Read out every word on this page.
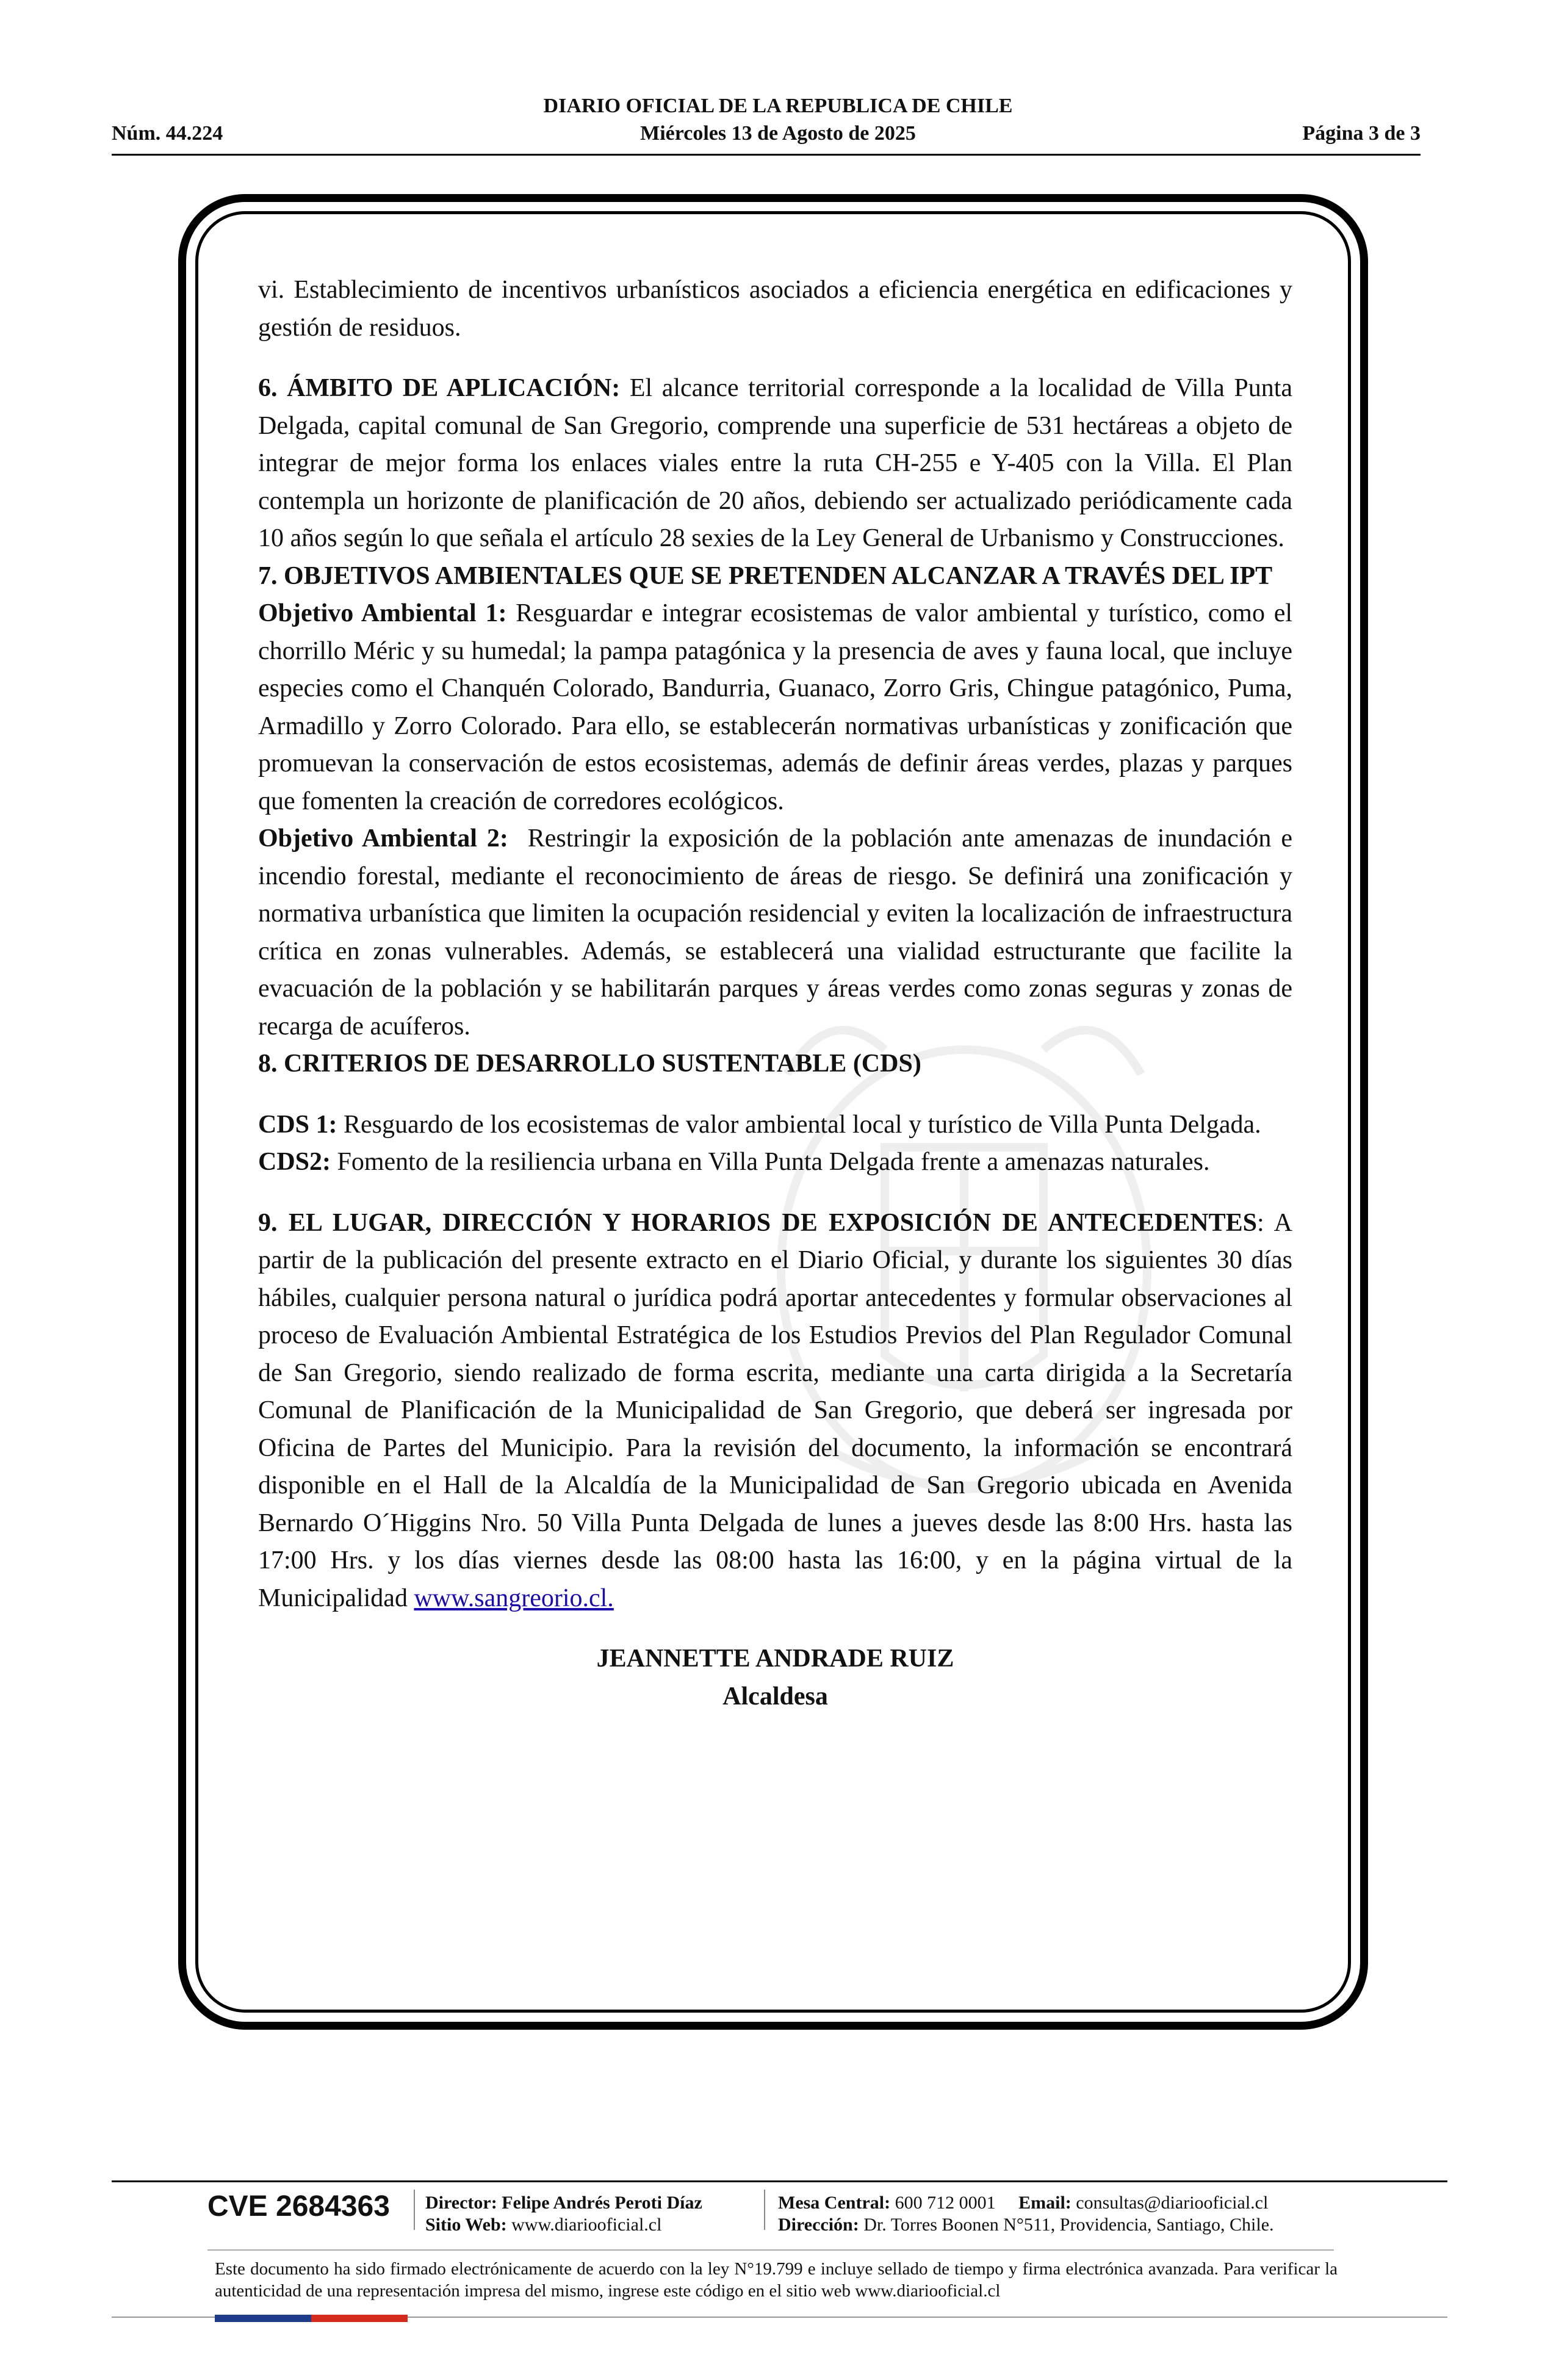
DIARIO OFICIAL DE LA REPUBLICA DE CHILE
Núm. 44.224	Miércoles 13 de Agosto de 2025	Página 3 de 3

vi. Establecimiento de incentivos urbanísticos asociados a eficiencia energética en edificaciones y gestión de residuos.

6. ÁMBITO DE APLICACIÓN: El alcance territorial corresponde a la localidad de Villa Punta Delgada, capital comunal de San Gregorio, comprende una superficie de 531 hectáreas a objeto de integrar de mejor forma los enlaces viales entre la ruta CH-255 e Y-405 con la Villa. El Plan contempla un horizonte de planificación de 20 años, debiendo ser actualizado periódicamente cada 10 años según lo que señala el artículo 28 sexies de la Ley General de Urbanismo y Construcciones.

7. OBJETIVOS AMBIENTALES QUE SE PRETENDEN ALCANZAR A TRAVÉS DEL IPT

Objetivo Ambiental 1: Resguardar e integrar ecosistemas de valor ambiental y turístico, como el chorrillo Méric y su humedal; la pampa patagónica y la presencia de aves y fauna local, que incluye especies como el Chanquén Colorado, Bandurria, Guanaco, Zorro Gris, Chingue patagónico, Puma, Armadillo y Zorro Colorado. Para ello, se establecerán normativas urbanísticas y zonificación que promuevan la conservación de estos ecosistemas, además de definir áreas verdes, plazas y parques que fomenten la creación de corredores ecológicos.

Objetivo Ambiental 2: Restringir la exposición de la población ante amenazas de inundación e incendio forestal, mediante el reconocimiento de áreas de riesgo. Se definirá una zonificación y normativa urbanística que limiten la ocupación residencial y eviten la localización de infraestructura crítica en zonas vulnerables. Además, se establecerá una vialidad estructurante que facilite la evacuación de la población y se habilitarán parques y áreas verdes como zonas seguras y zonas de recarga de acuíferos.

8. CRITERIOS DE DESARROLLO SUSTENTABLE (CDS)

CDS 1: Resguardo de los ecosistemas de valor ambiental local y turístico de Villa Punta Delgada.

CDS2: Fomento de la resiliencia urbana en Villa Punta Delgada frente a amenazas naturales.

9. EL LUGAR, DIRECCIÓN Y HORARIOS DE EXPOSICIÓN DE ANTECEDENTES: A partir de la publicación del presente extracto en el Diario Oficial, y durante los siguientes 30 días hábiles, cualquier persona natural o jurídica podrá aportar antecedentes y formular observaciones al proceso de Evaluación Ambiental Estratégica de los Estudios Previos del Plan Regulador Comunal de San Gregorio, siendo realizado de forma escrita, mediante una carta dirigida a la Secretaría Comunal de Planificación de la Municipalidad de San Gregorio, que deberá ser ingresada por Oficina de Partes del Municipio. Para la revisión del documento, la información se encontrará disponible en el Hall de la Alcaldía de la Municipalidad de San Gregorio ubicada en Avenida Bernardo O´Higgins Nro. 50 Villa Punta Delgada de lunes a jueves desde las 8:00 Hrs. hasta las 17:00 Hrs. y los días viernes desde las 08:00 hasta las 16:00, y en la página virtual de la Municipalidad www.sangreorio.cl.

JEANNETTE ANDRADE RUIZ

Alcaldesa

CVE 2684363 Director: Felipe Andrés Peroti Díaz
Sitio Web: www.diariooficial.cl
Mesa Central: 600 712 0001 Email: consultas@diariooficial.cl
Dirección: Dr. Torres Boonen N°511, Providencia, Santiago, Chile.
Este documento ha sido firmado electrónicamente de acuerdo con la ley N°19.799 e incluye sellado de tiempo y firma electrónica avanzada. Para verificar la autenticidad de una representación impresa del mismo, ingrese este código en el sitio web www.diariooficial.cl
